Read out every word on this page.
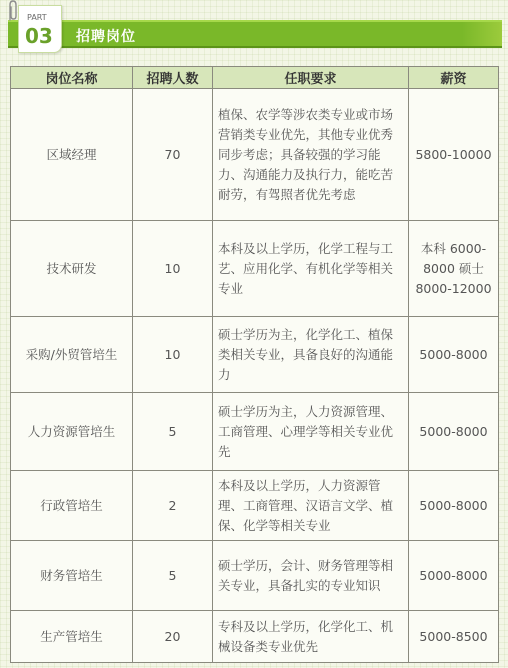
招聘岗位
PART
03
岗位名称	招聘人数	任职要求	薪资
区域经理	70	植保、农学等涉农类专业或市场营销类专业优先，其他专业优秀同步考虑；具备较强的学习能力、沟通能力及执行力，能吃苦耐劳，有驾照者优先考虑	5800-10000
技术研发	10	本科及以上学历，化学工程与工艺、应用化学、有机化学等相关专业	本科 6000-8000 硕士 8000-12000
采购/外贸管培生	10	硕士学历为主，化学化工、植保类相关专业，具备良好的沟通能力	5000-8000
人力资源管培生	5	硕士学历为主，人力资源管理、工商管理、心理学等相关专业优先	5000-8000
行政管培生	2	本科及以上学历，人力资源管理、工商管理、汉语言文学、植保、化学等相关专业	5000-8000
财务管培生	5	硕士学历，会计、财务管理等相关专业，具备扎实的专业知识	5000-8000
生产管培生	20	专科及以上学历，化学化工、机械设备类专业优先	5000-8500
